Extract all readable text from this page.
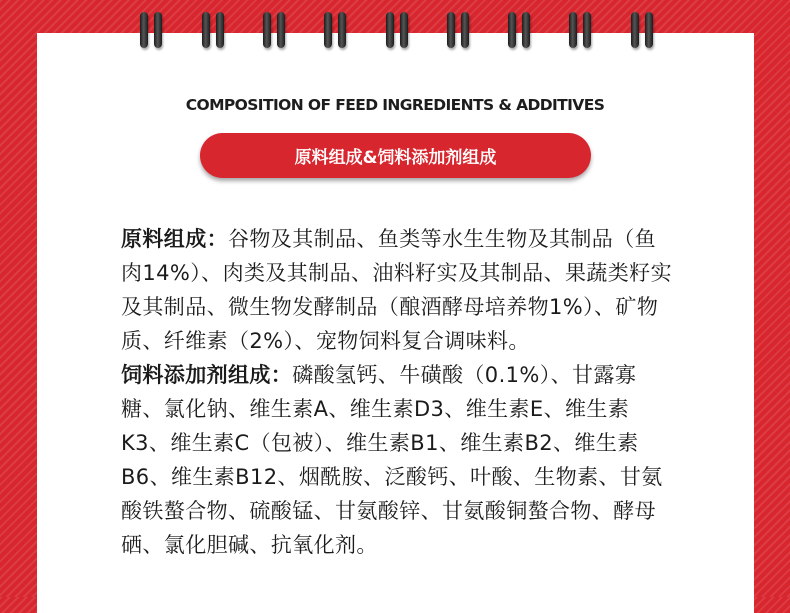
COMPOSITION OF FEED INGREDIENTS & ADDITIVES
原料组成&饲料添加剂组成

原料组成：谷物及其制品、鱼类等水生生物及其制品（鱼肉14%）、肉类及其制品、油料籽实及其制品、果蔬类籽实及其制品、微生物发酵制品（酿酒酵母培养物1%）、矿物质、纤维素（2%）、宠物饲料复合调味料。

饲料添加剂组成：磷酸氢钙、牛磺酸（0.1%）、甘露寡糖、氯化钠、维生素A、维生素D3、维生素E、维生素K3、维生素C（包被）、维生素B1、维生素B2、维生素B6、维生素B12、烟酰胺、泛酸钙、叶酸、生物素、甘氨酸铁螯合物、硫酸锰、甘氨酸锌、甘氨酸铜螯合物、酵母硒、氯化胆碱、抗氧化剂。
